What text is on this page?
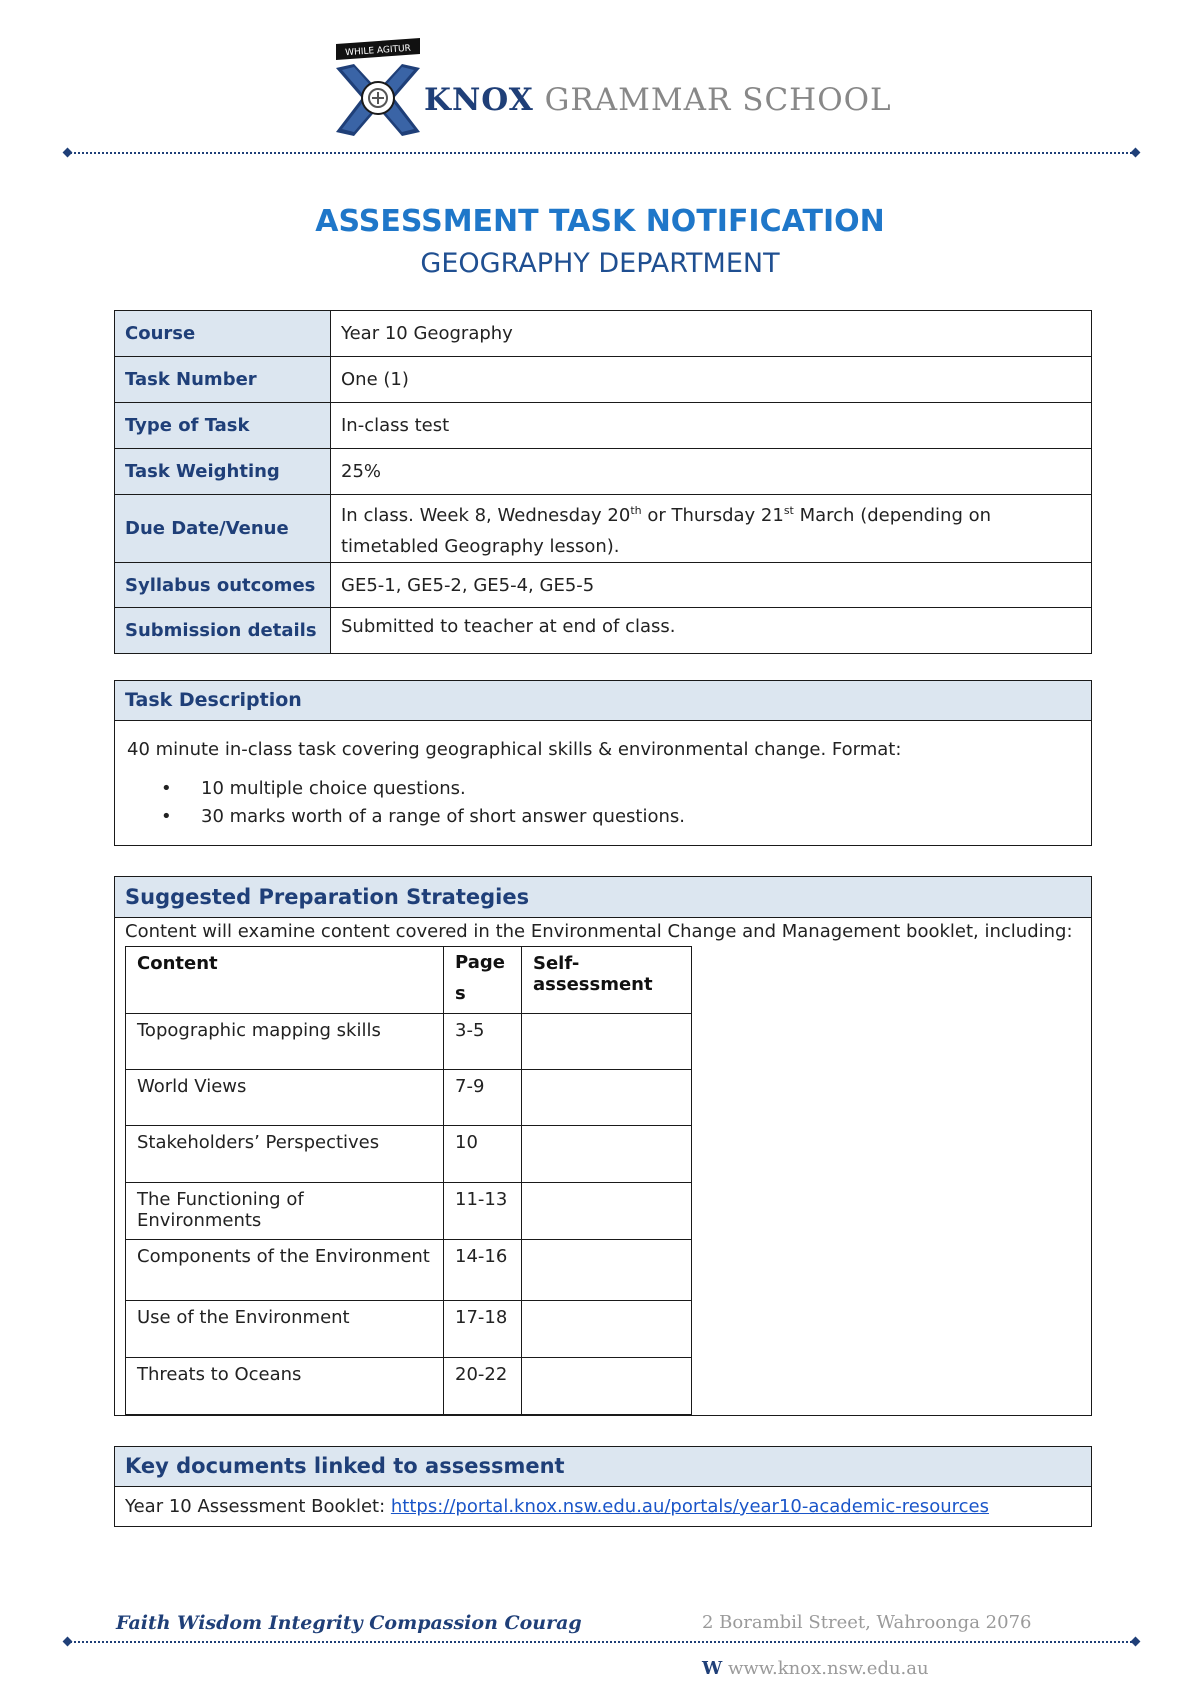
WHILE AGITUR
KNOX GRAMMAR SCHOOL
ASSESSMENT TASK NOTIFICATION
GEOGRAPHY DEPARTMENT
Course	Year 10 Geography
Task Number	One (1)
Type of Task	In-class test
Task Weighting	25%
Due Date/Venue	In class. Week 8, Wednesday 20th or Thursday 21st March (depending on timetabled Geography lesson).
Syllabus outcomes	GE5-1, GE5-2, GE5-4, GE5-5
Submission details	Submitted to teacher at end of class.
Task Description
40 minute in-class task covering geographical skills & environmental change. Format:
• 10 multiple choice questions.
• 30 marks worth of a range of short answer questions.
Suggested Preparation Strategies
Content will examine content covered in the Environmental Change and Management booklet, including:
Content	Page s	Self-assessment
Topographic mapping skills	3-5	
World Views	7-9	
Stakeholders’ Perspectives	10	
The Functioning of Environments	11-13	
Components of the Environment	14-16	
Use of the Environment	17-18	
Threats to Oceans	20-22	
Key documents linked to assessment
Year 10 Assessment Booklet: https://portal.knox.nsw.edu.au/portals/year10-academic-resources
Faith Wisdom Integrity Compassion Courag	2 Borambil Street, Wahroonga 2076
W www.knox.nsw.edu.au
